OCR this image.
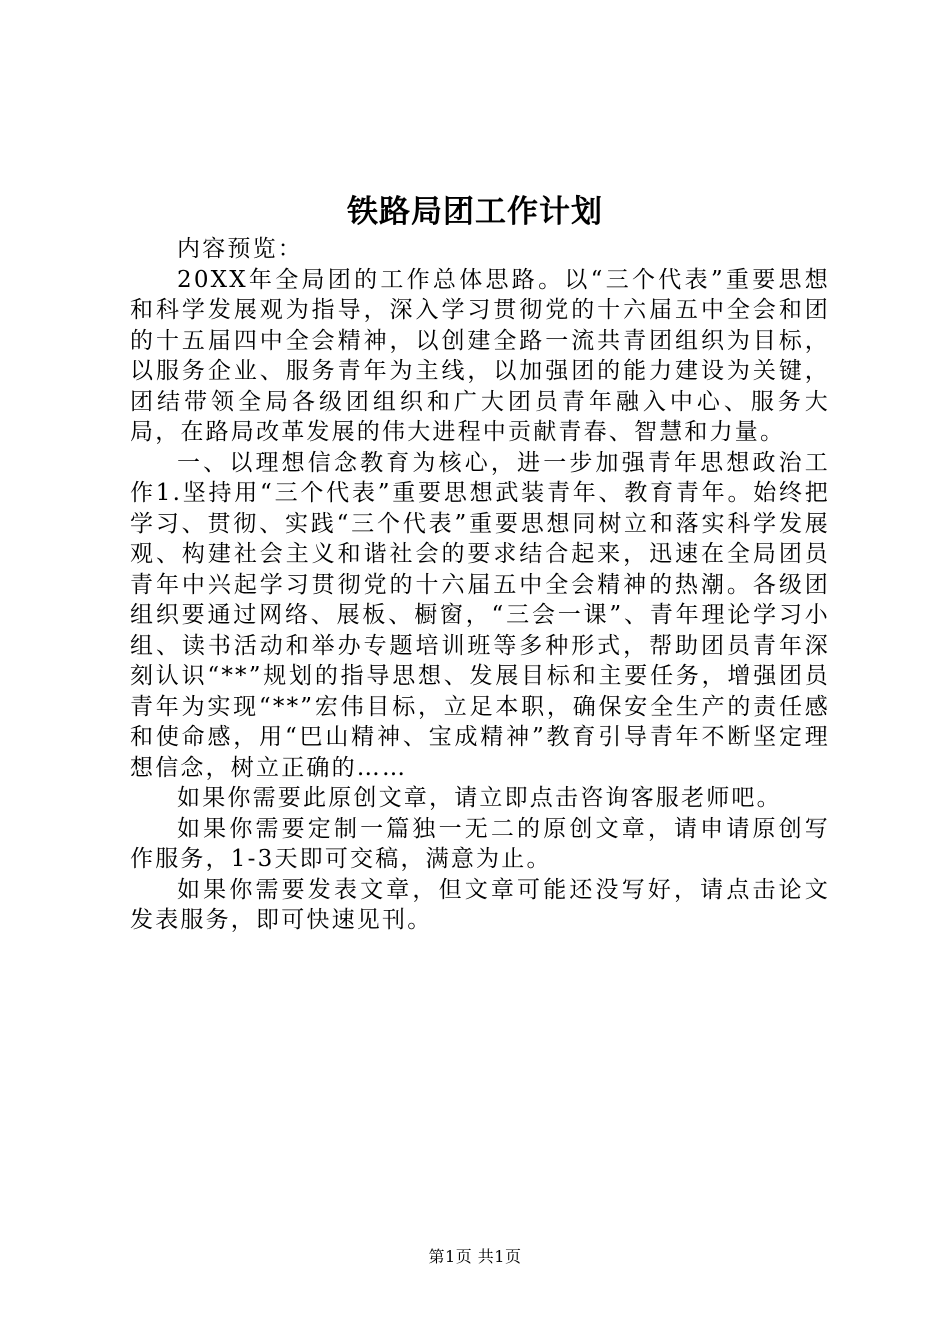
铁路局团工作计划

内容预览：

20XX年全局团的工作总体思路。以“三个代表”重要思想和科学发展观为指导，深入学习贯彻党的十六届五中全会和团的十五届四中全会精神，以创建全路一流共青团组织为目标，以服务企业、服务青年为主线，以加强团的能力建设为关键，团结带领全局各级团组织和广大团员青年融入中心、服务大局，在路局改革发展的伟大进程中贡献青春、智慧和力量。

一、以理想信念教育为核心，进一步加强青年思想政治工作1.坚持用“三个代表”重要思想武装青年、教育青年。始终把学习、贯彻、实践“三个代表”重要思想同树立和落实科学发展观、构建社会主义和谐社会的要求结合起来，迅速在全局团员青年中兴起学习贯彻党的十六届五中全会精神的热潮。各级团组织要通过网络、展板、橱窗，“三会一课”、青年理论学习小组、读书活动和举办专题培训班等多种形式，帮助团员青年深刻认识“**”规划的指导思想、发展目标和主要任务，增强团员青年为实现“**”宏伟目标，立足本职，确保安全生产的责任感和使命感，用“巴山精神、宝成精神”教育引导青年不断坚定理想信念，树立正确的……

如果你需要此原创文章，请立即点击咨询客服老师吧。

如果你需要定制一篇独一无二的原创文章，请申请原创写作服务，1-3天即可交稿，满意为止。

如果你需要发表文章，但文章可能还没写好，请点击论文发表服务，即可快速见刊。

第1页 共1页
